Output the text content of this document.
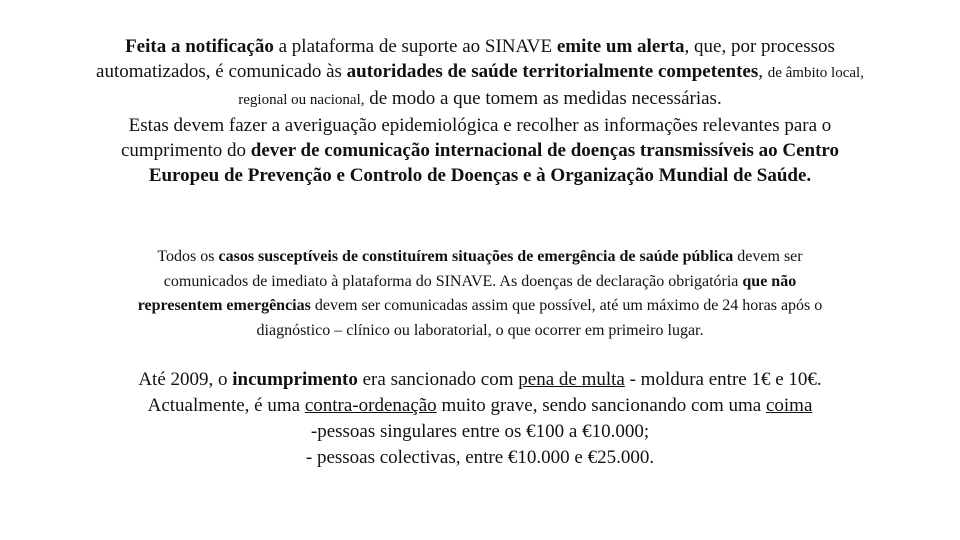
Feita a notificação a plataforma de suporte ao SINAVE emite um alerta, que, por processos
automatizados, é comunicado às autoridades de saúde territorialmente competentes, de âmbito local,
regional ou nacional, de modo a que tomem as medidas necessárias.
Estas devem fazer a averiguação epidemiológica e recolher as informações relevantes para o
cumprimento do dever de comunicação internacional de doenças transmissíveis ao Centro
Europeu de Prevenção e Controlo de Doenças e à Organização Mundial de Saúde.
Todos os casos susceptíveis de constituírem situações de emergência de saúde pública devem ser
comunicados de imediato à plataforma do SINAVE. As doenças de declaração obrigatória que não
representem emergências devem ser comunicadas assim que possível, até um máximo de 24 horas após o
diagnóstico – clínico ou laboratorial, o que ocorrer em primeiro lugar.
Até 2009, o incumprimento era sancionado com pena de multa - moldura entre 1€ e 10€.
Actualmente, é uma contra-ordenação muito grave, sendo sancionando com uma coima
-pessoas singulares entre os €100 a €10.000;
- pessoas colectivas, entre €10.000 e €25.000.
